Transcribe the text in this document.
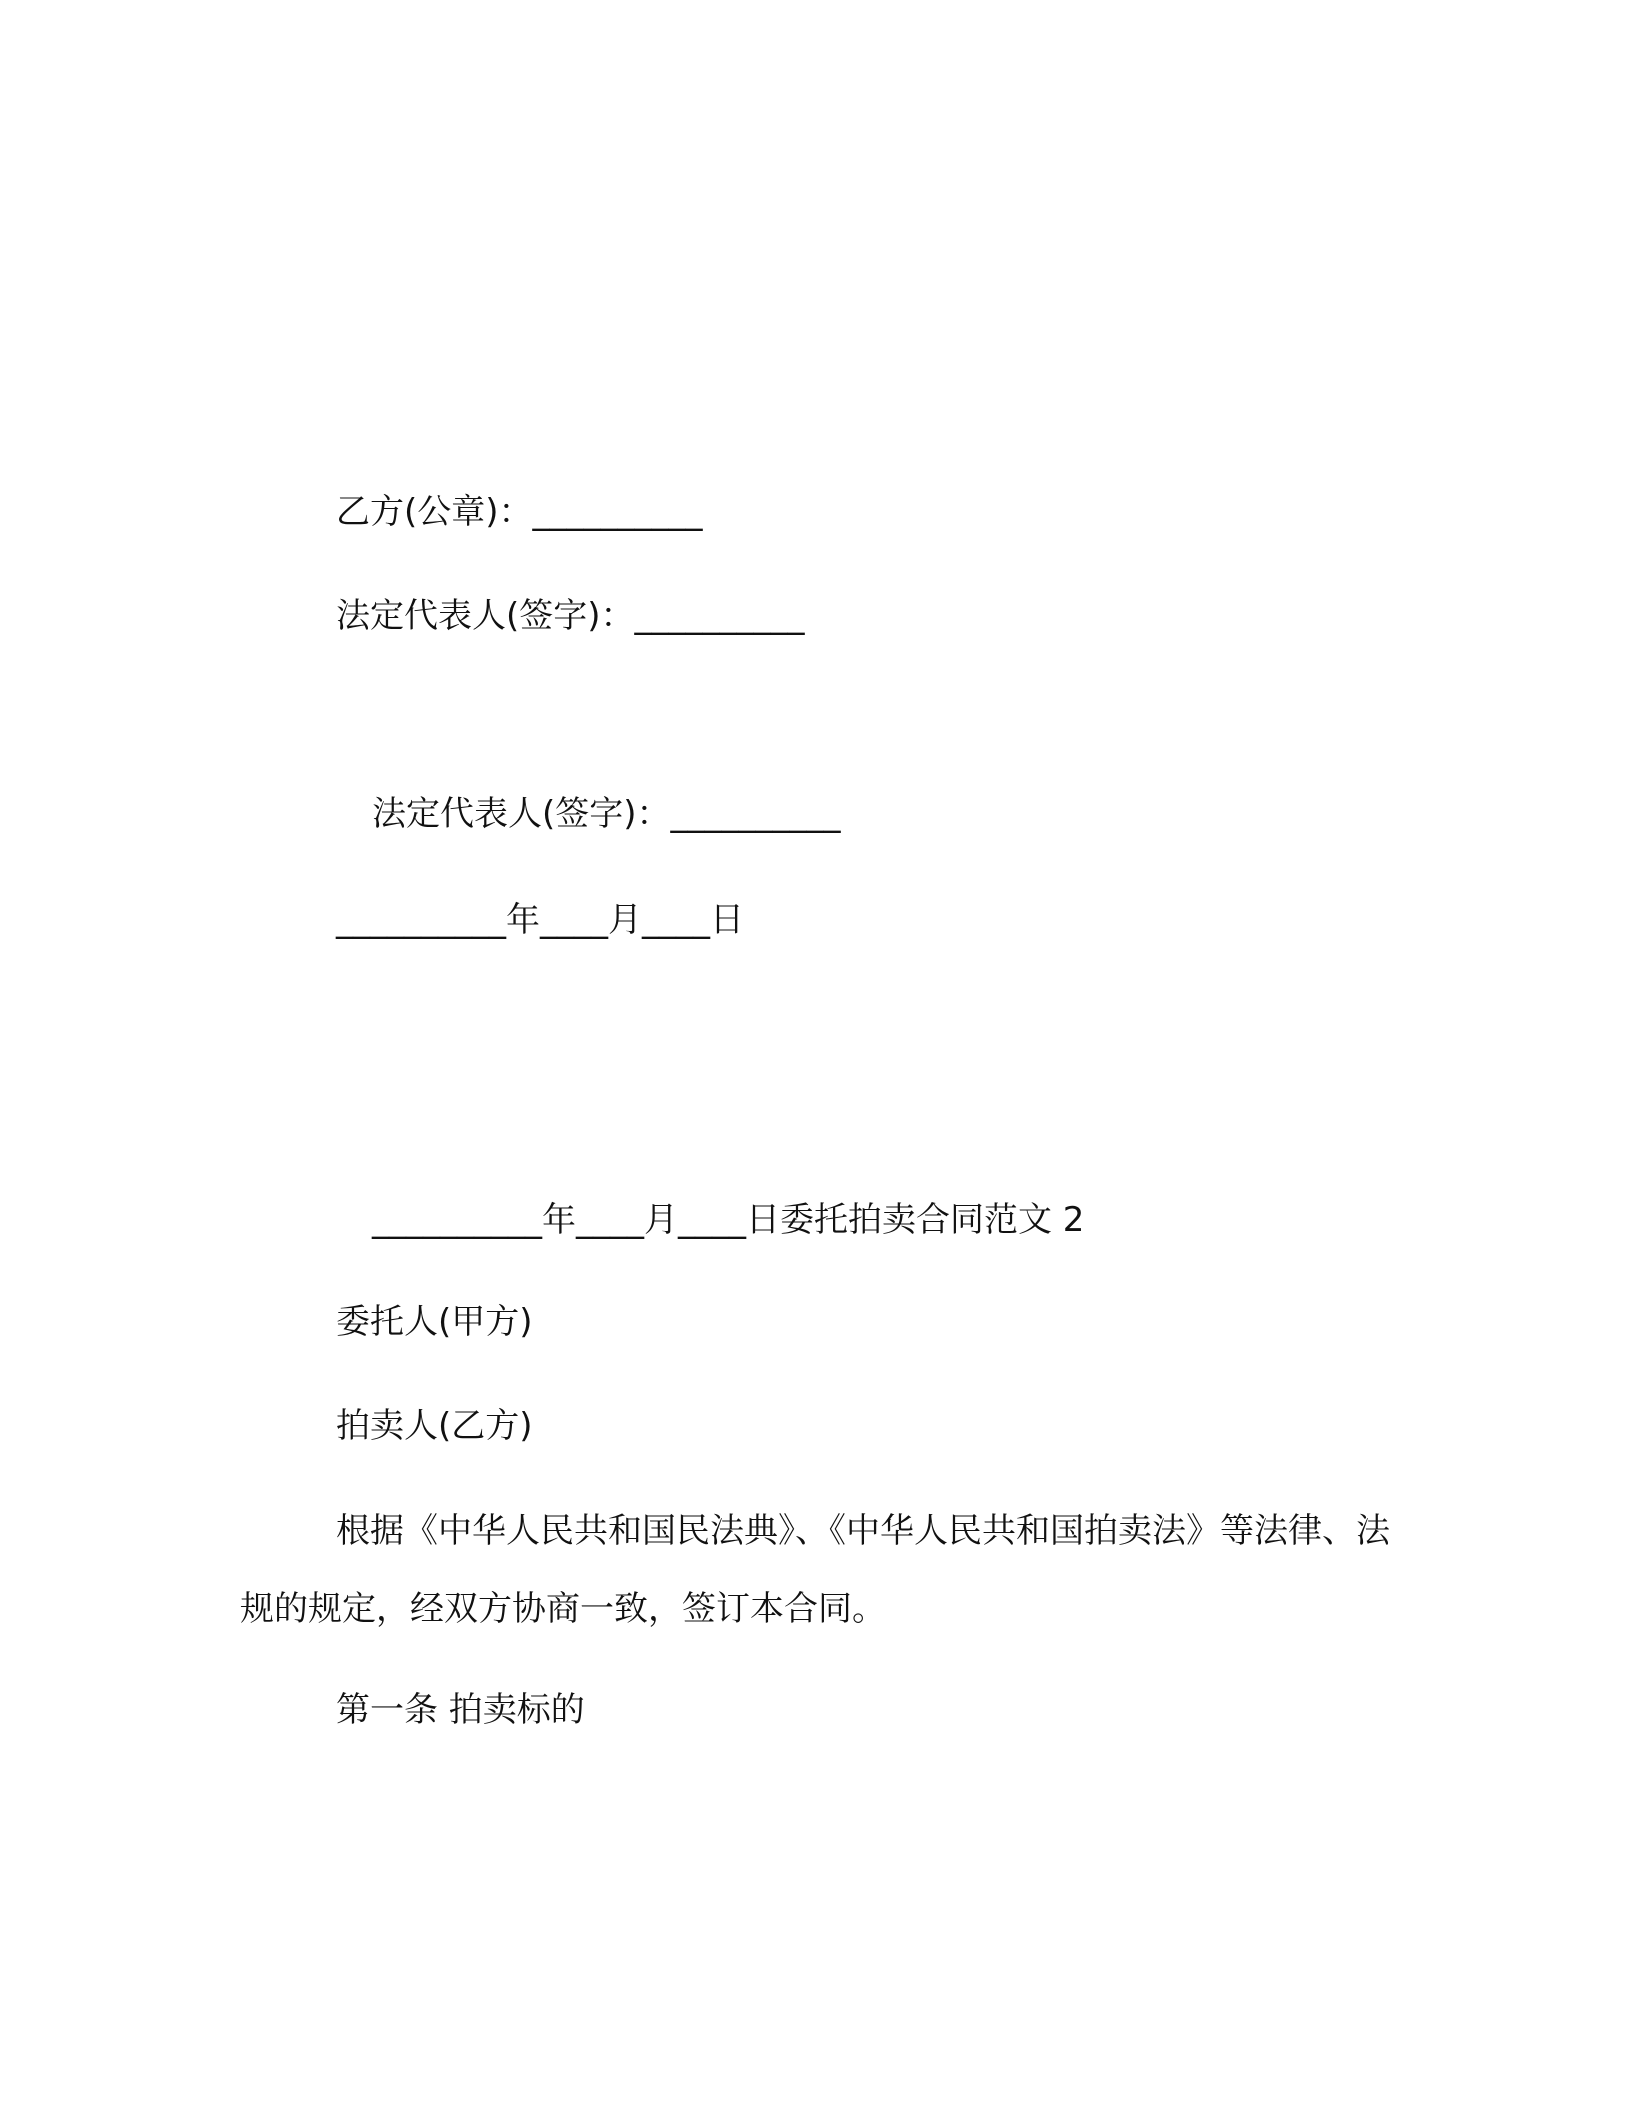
乙方(公章)：__________
法定代表人(签字)：__________
法定代表人(签字)：__________
__________年____月____日
__________年____月____日委托拍卖合同范文 2
委托人(甲方)
拍卖人(乙方)
根据《中华人民共和国民法典》、《中华人民共和国拍卖法》等法律、法规的规定，经双方协商一致，签订本合同。
第一条 拍卖标的
